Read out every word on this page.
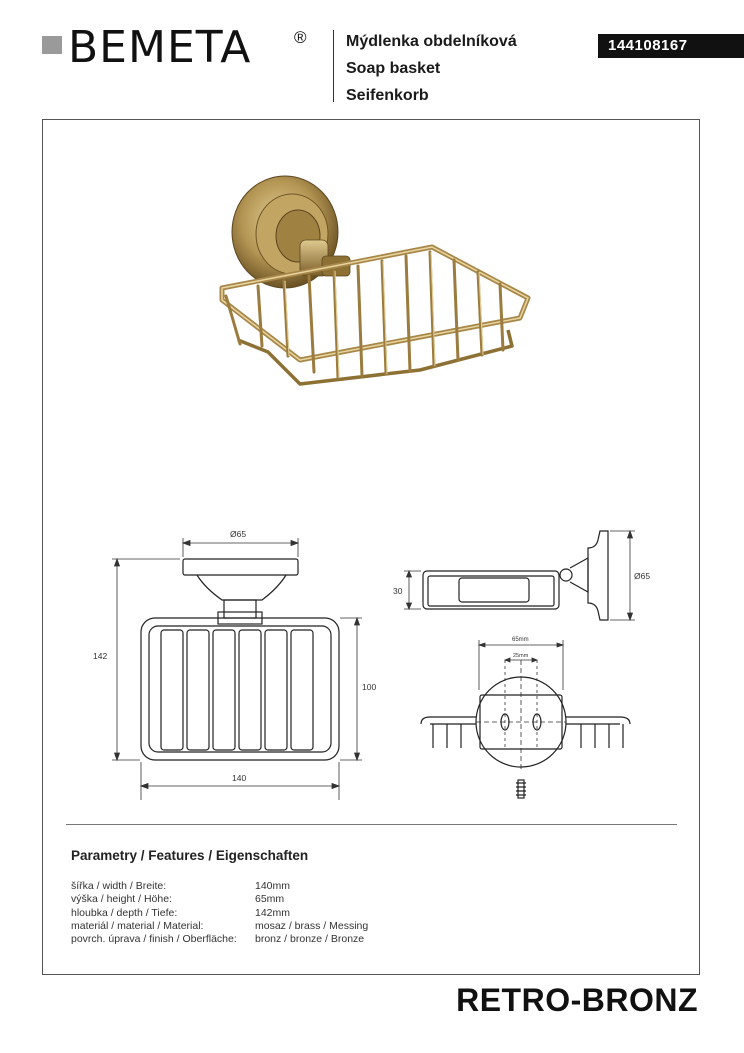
BEMETA	® Mýdlenka obdelníková
Soap basket
Seifenkorb
144108167
Ø65
142
100
140
30
Ø65
65mm
25mm
Parametry / Features / Eigenschaften
šířka / width / Breite:	140mm
výška / height / Höhe:	65mm
hloubka / depth / Tiefe:	142mm
materiál / material / Material:	mosaz / brass / Messing
povrch. úprava / finish / Oberfläche:	bronz / bronze / Bronze
RETRO-BRONZ
